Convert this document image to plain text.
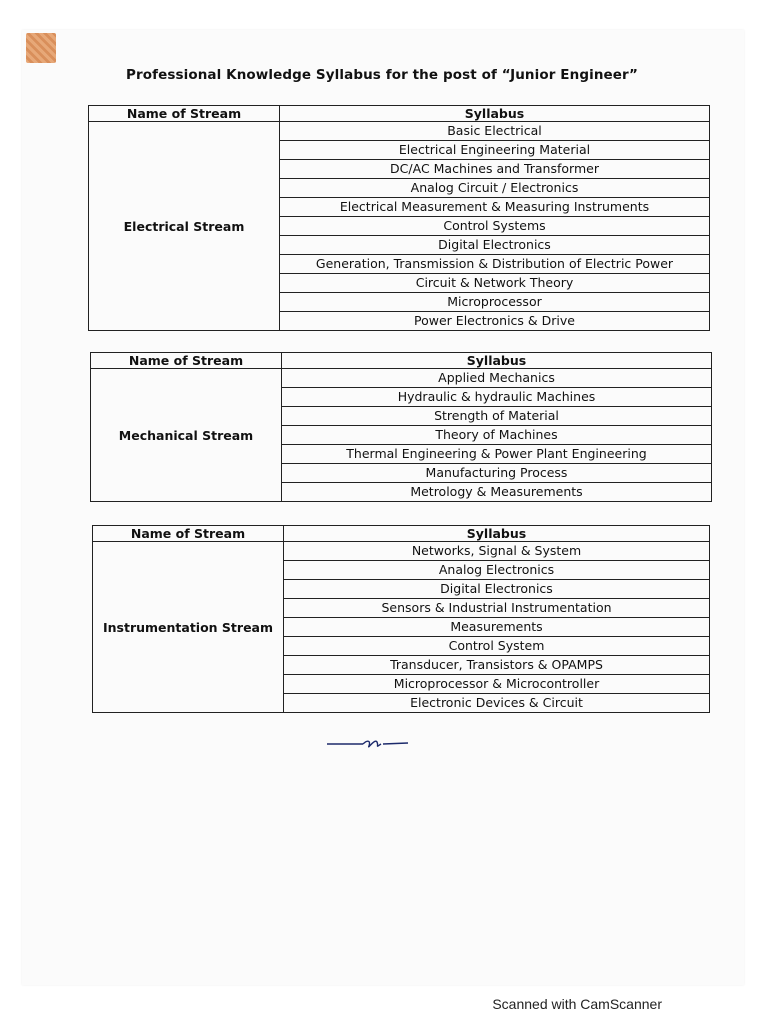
Professional Knowledge Syllabus for the post of “Junior Engineer”
Name of Stream	Syllabus
Electrical Stream	Basic Electrical
	Electrical Engineering Material
	DC/AC Machines and Transformer
	Analog Circuit / Electronics
	Electrical Measurement & Measuring Instruments
	Control Systems
	Digital Electronics
	Generation, Transmission & Distribution of Electric Power
	Circuit & Network Theory
	Microprocessor
	Power Electronics & Drive
Name of Stream	Syllabus
Mechanical Stream	Applied Mechanics
	Hydraulic & hydraulic Machines
	Strength of Material
	Theory of Machines
	Thermal Engineering & Power Plant Engineering
	Manufacturing Process
	Metrology & Measurements
Name of Stream	Syllabus
Instrumentation Stream	Networks, Signal & System
	Analog Electronics
	Digital Electronics
	Sensors & Industrial Instrumentation
	Measurements
	Control System
	Transducer, Transistors & OPAMPS
	Microprocessor & Microcontroller
	Electronic Devices & Circuit
Scanned with CamScanner
